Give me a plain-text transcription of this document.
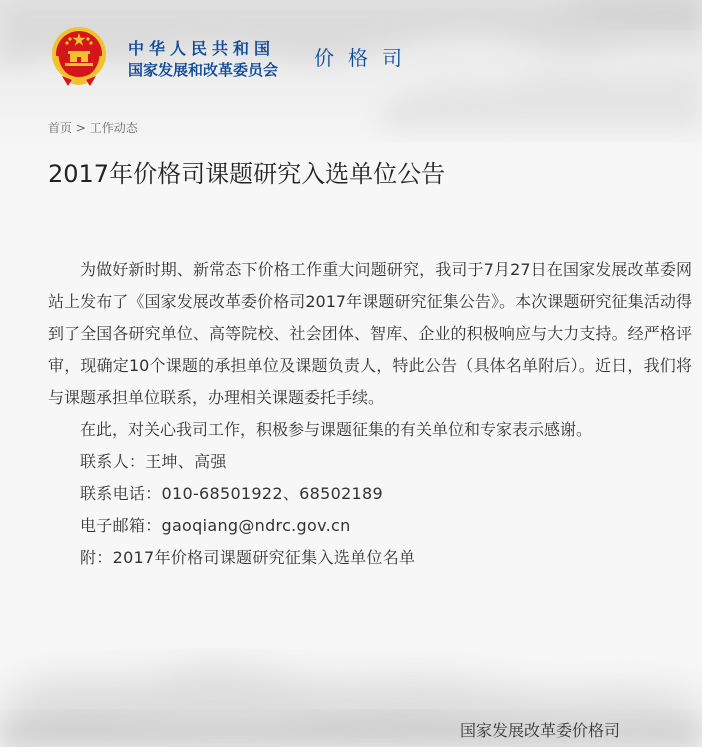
中华人民共和国
国家发展和改革委员会 价格司
首页 > 工作动态
2017年价格司课题研究入选单位公告

为做好新时期、新常态下价格工作重大问题研究，我司于7月27日在国家发展改革委网站上发布了《国家发展改革委价格司2017年课题研究征集公告》。本次课题研究征集活动得到了全国各研究单位、高等院校、社会团体、智库、企业的积极响应与大力支持。经严格评审，现确定10个课题的承担单位及课题负责人，特此公告（具体名单附后）。近日，我们将与课题承担单位联系，办理相关课题委托手续。

在此，对关心我司工作，积极参与课题征集的有关单位和专家表示感谢。

联系人：王坤、高强

联系电话：010-68501922、68502189

电子邮箱：gaoqiang@ndrc.gov.cn

附：2017年价格司课题研究征集入选单位名单

国家发展改革委价格司
